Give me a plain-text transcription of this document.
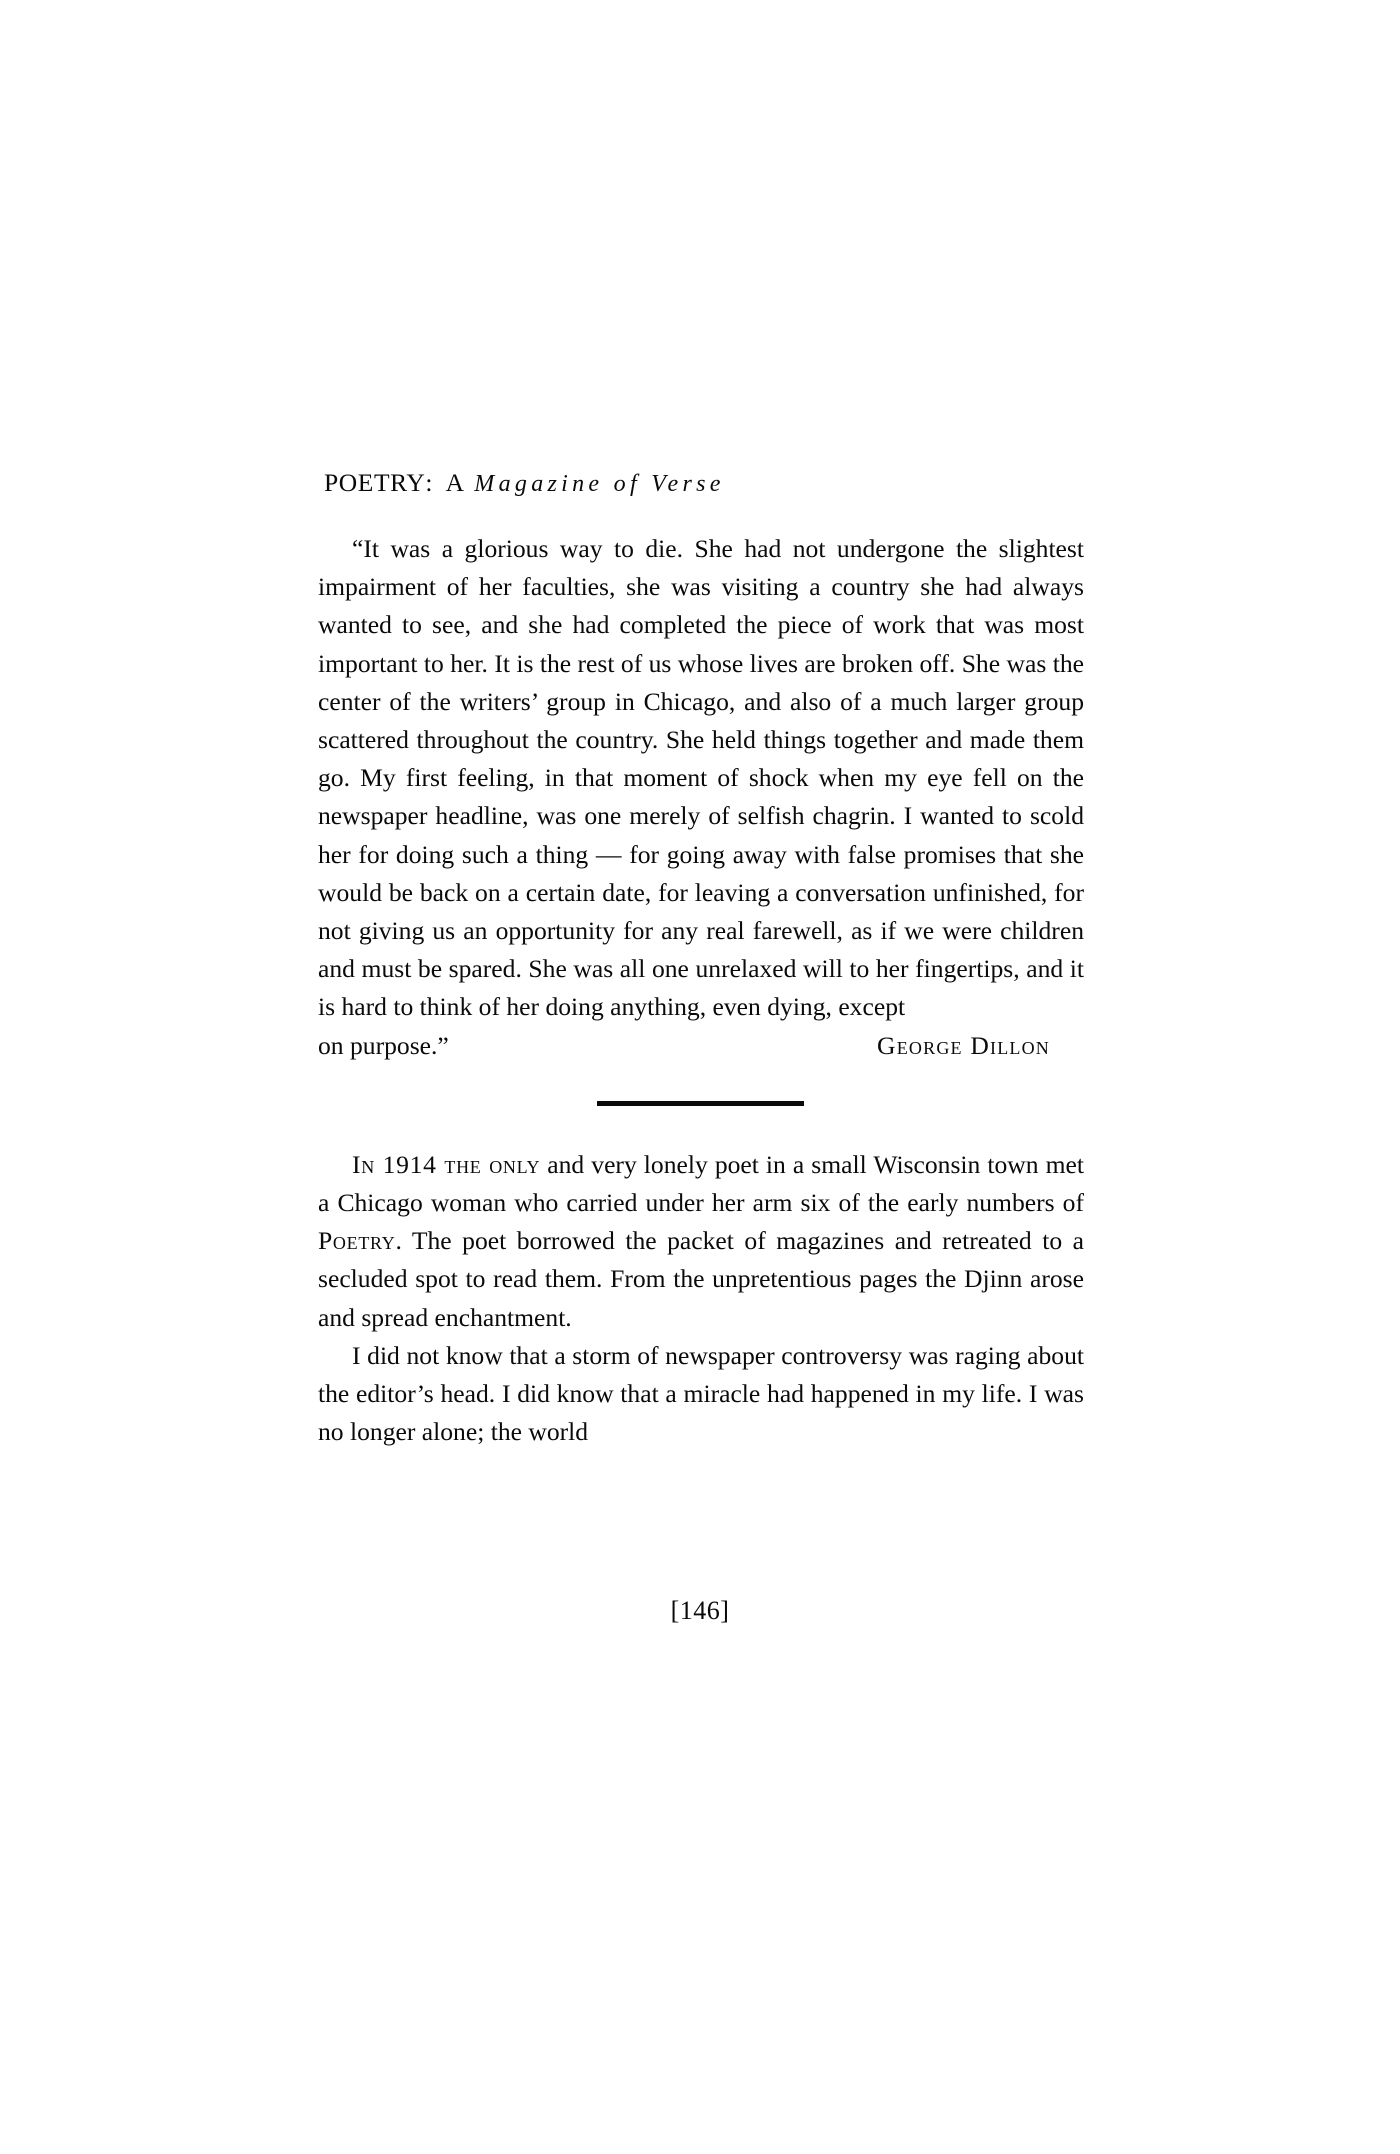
POETRY: A Magazine of Verse

“It was a glorious way to die. She had not undergone the slightest impairment of her faculties, she was visiting a country she had always wanted to see, and she had completed the piece of work that was most important to her. It is the rest of us whose lives are broken off. She was the center of the writers’ group in Chicago, and also of a much larger group scattered throughout the country. She held things together and made them go. My first feeling, in that moment of shock when my eye fell on the newspaper headline, was one merely of selfish chagrin. I wanted to scold her for doing such a thing — for going away with false promises that she would be back on a certain date, for leaving a conversation unfinished, for not giving us an opportunity for any real farewell, as if we were children and must be spared. She was all one unrelaxed will to her fingertips, and it is hard to think of her doing anything, even dying, except

on purpose.”	George Dillon

In 1914 the only and very lonely poet in a small Wisconsin town met a Chicago woman who carried under her arm six of the early numbers of Poetry. The poet borrowed the packet of magazines and retreated to a secluded spot to read them. From the unpretentious pages the Djinn arose and spread enchantment.

I did not know that a storm of newspaper controversy was raging about the editor’s head. I did know that a miracle had happened in my life. I was no longer alone; the world

[146]
